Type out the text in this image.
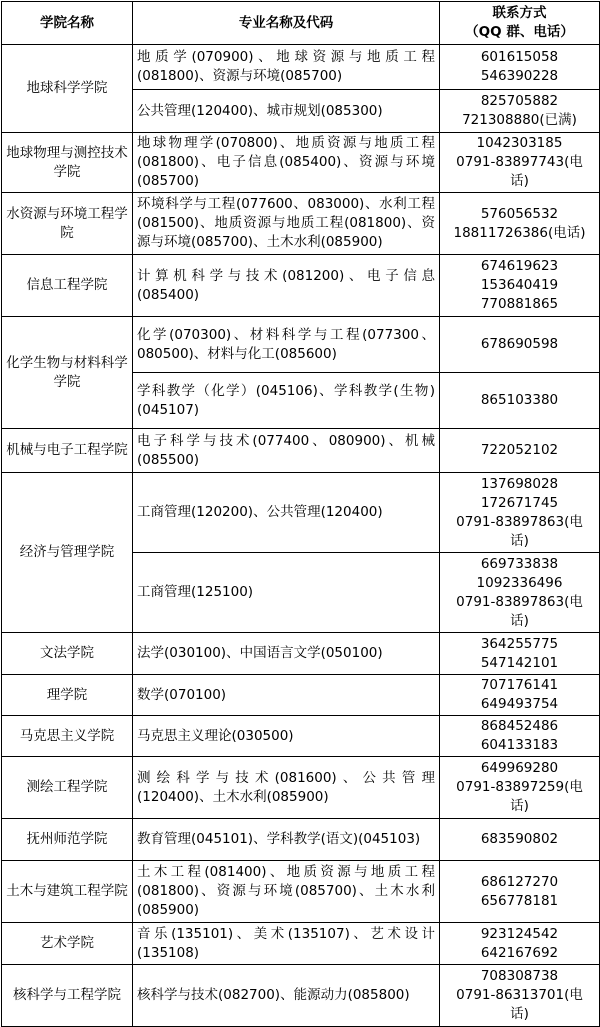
学院名称	专业名称及代码	联系方式
（QQ 群、电话）

地球科学学院	地质学(070900)、地球资源与地质工程(081800)、资源与环境(085700)	601615058
546390228

	公共管理(120400)、城市规划(085300)	825705882
721308880(已满)

地球物理与测控技术学院	地球物理学(070800)、地质资源与地质工程(081800)、电子信息(085400)、资源与环境(085700)	1042303185
0791-83897743(电
话)

水资源与环境工程学院	环境科学与工程(077600、083000)、水利工程(081500)、地质资源与地质工程(081800)、资源与环境(085700)、土木水利(085900)	576056532
18811726386(电话)

信息工程学院	计算机科学与技术(081200)、电子信息(085400)	674619623
153640419
770881865

化学生物与材料科学学院	化学(070300)、材料科学与工程(077300、080500)、材料与化工(085600)	678690598

	学科教学（化学）(045106)、学科教学(生物)(045107)	865103380

机械与电子工程学院	电子科学与技术(077400、080900)、机械(085500)	722052102

经济与管理学院	工商管理(120200)、公共管理(120400)	137698028
172671745
0791-83897863(电
话)

	工商管理(125100)	669733838
1092336496
0791-83897863(电
话)

文法学院	法学(030100)、中国语言文学(050100)	364255775
547142101

理学院	数学(070100)	707176141
649493754

马克思主义学院	马克思主义理论(030500)	868452486
604133183

测绘工程学院	测绘科学与技术(081600)、公共管理(120400)、土木水利(085900)	649969280
0791-83897259(电
话)

抚州师范学院	教育管理(045101)、学科教学(语文)(045103)	683590802

土木与建筑工程学院	土木工程(081400)、地质资源与地质工程(081800)、资源与环境(085700)、土木水利(085900)	686127270
656778181

艺术学院	音乐(135101)、美术(135107)、艺术设计(135108)	923124542
642167692

核科学与工程学院	核科学与技术(082700)、能源动力(085800)	708308738
0791-86313701(电
话)
